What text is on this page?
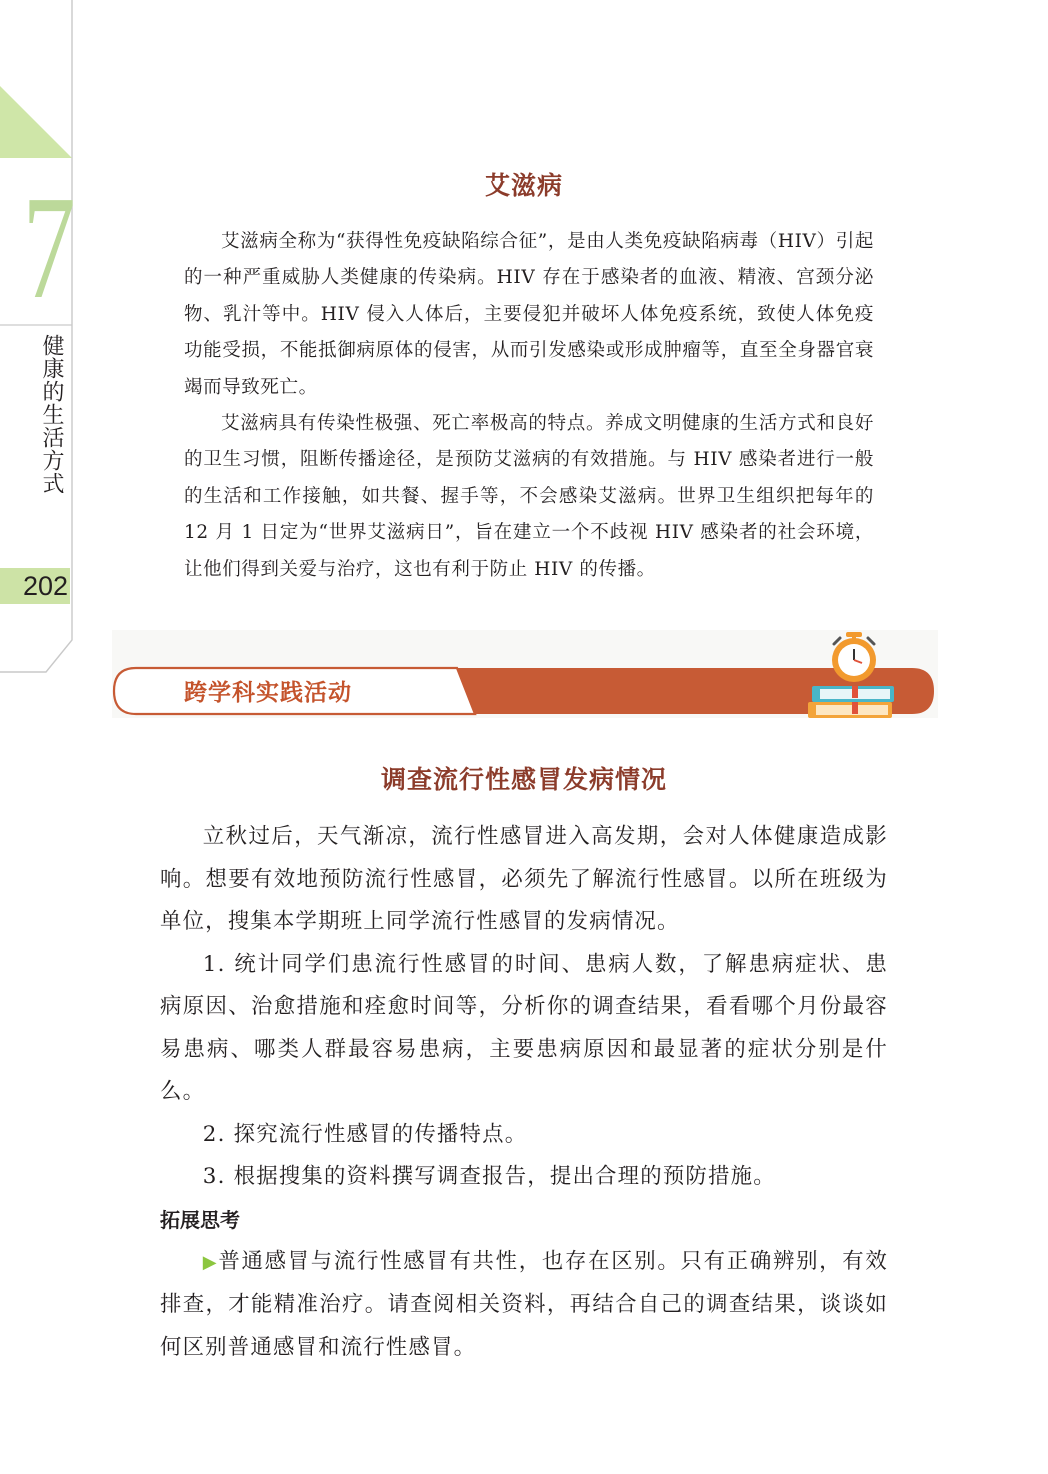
7
健康的生活方式
202
艾滋病

艾滋病全称为“获得性免疫缺陷综合征”，是由人类免疫缺陷病毒（HIV）引起的一种严重威胁人类健康的传染病。HIV 存在于感染者的血液、精液、宫颈分泌物、乳汁等中。HIV 侵入人体后，主要侵犯并破坏人体免疫系统，致使人体免疫功能受损，不能抵御病原体的侵害，从而引发感染或形成肿瘤等，直至全身器官衰竭而导致死亡。

艾滋病具有传染性极强、死亡率极高的特点。养成文明健康的生活方式和良好的卫生习惯，阻断传播途径，是预防艾滋病的有效措施。与 HIV 感染者进行一般的生活和工作接触，如共餐、握手等，不会感染艾滋病。世界卫生组织把每年的 12 月 1 日定为“世界艾滋病日”，旨在建立一个不歧视 HIV 感染者的社会环境，让他们得到关爱与治疗，这也有利于防止 HIV 的传播。

跨学科实践活动
调查流行性感冒发病情况

立秋过后，天气渐凉，流行性感冒进入高发期，会对人体健康造成影响。想要有效地预防流行性感冒，必须先了解流行性感冒。以所在班级为单位，搜集本学期班上同学流行性感冒的发病情况。

1. 统计同学们患流行性感冒的时间、患病人数，了解患病症状、患病原因、治愈措施和痊愈时间等，分析你的调查结果，看看哪个月份最容易患病、哪类人群最容易患病，主要患病原因和最显著的症状分别是什么。

2. 探究流行性感冒的传播特点。

3. 根据搜集的资料撰写调查报告，提出合理的预防措施。

拓展思考

▶普通感冒与流行性感冒有共性，也存在区别。只有正确辨别，有效排查，才能精准治疗。请查阅相关资料，再结合自己的调查结果，谈谈如何区别普通感冒和流行性感冒。
